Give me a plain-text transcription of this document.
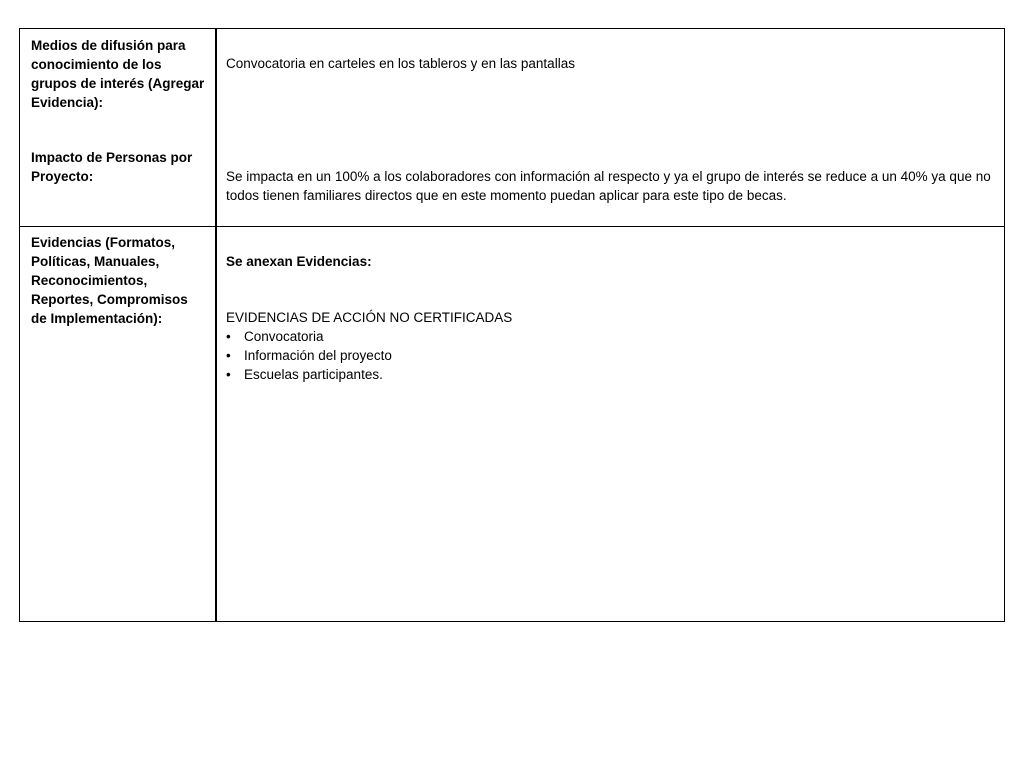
Medios de difusión para conocimiento de los grupos de interés (Agregar Evidencia):
Convocatoria en carteles en los tableros y en las pantallas
Impacto de Personas por Proyecto:	Se impacta en un 100% a los colaboradores con información al respecto y ya el grupo de interés se reduce a un 40% ya que no todos tienen familiares directos que en este momento puedan aplicar para este tipo de becas.
Evidencias (Formatos, Políticas, Manuales, Reconocimientos, Reportes, Compromisos de Implementación):
Se anexan Evidencias:
EVIDENCIAS DE ACCIÓN NO CERTIFICADAS
• Convocatoria
• Información del proyecto
• Escuelas participantes.
